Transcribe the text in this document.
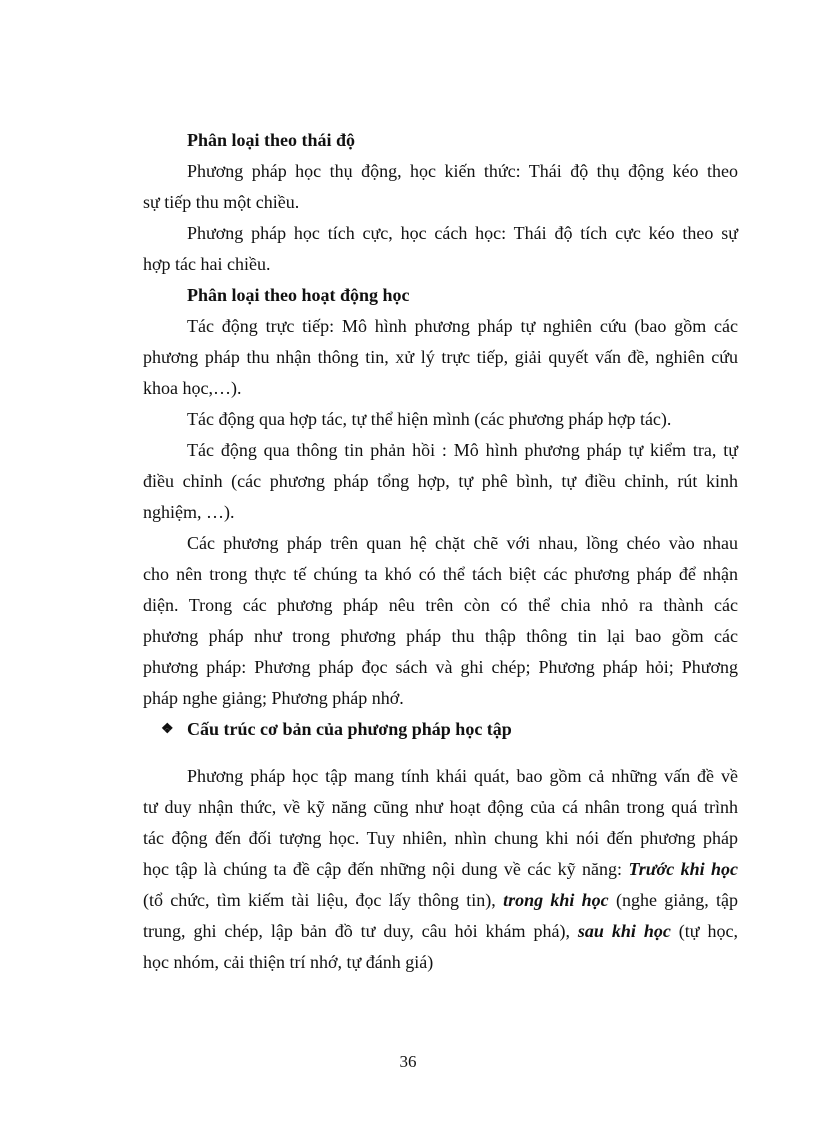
Phân loại theo thái độ

Phương pháp học thụ động, học kiến thức: Thái độ thụ động kéo theo
sự tiếp thu một chiều.

Phương pháp học tích cực, học cách học: Thái độ tích cực kéo theo sự
hợp tác hai chiều.

Phân loại theo hoạt động học

Tác động trực tiếp: Mô hình phương pháp tự nghiên cứu (bao gồm các
phương pháp thu nhận thông tin, xử lý trực tiếp, giải quyết vấn đề, nghiên cứu
khoa học,…).

Tác động qua hợp tác, tự thể hiện mình (các phương pháp hợp tác).

Tác động qua thông tin phản hồi : Mô hình phương pháp tự kiểm tra, tự
điều chỉnh (các phương pháp tổng hợp, tự phê bình, tự điều chỉnh, rút kinh
nghiệm, …).

Các phương pháp trên quan hệ chặt chẽ với nhau, lồng chéo vào nhau
cho nên trong thực tế chúng ta khó có thể tách biệt các phương pháp để nhận
diện. Trong các phương pháp nêu trên còn có thể chia nhỏ ra thành các
phương pháp như trong phương pháp thu thập thông tin lại bao gồm các
phương pháp: Phương pháp đọc sách và ghi chép; Phương pháp hỏi; Phương
pháp nghe giảng; Phương pháp nhớ.

❖ Cấu trúc cơ bản của phương pháp học tập

Phương pháp học tập mang tính khái quát, bao gồm cả những vấn đề về
tư duy nhận thức, về kỹ năng cũng như hoạt động của cá nhân trong quá trình
tác động đến đối tượng học. Tuy nhiên, nhìn chung khi nói đến phương pháp
học tập là chúng ta đề cập đến những nội dung về các kỹ năng: Trước khi học
(tổ chức, tìm kiếm tài liệu, đọc lấy thông tin), trong khi học (nghe giảng, tập
trung, ghi chép, lập bản đồ tư duy, câu hỏi khám phá), sau khi học (tự học,
học nhóm, cải thiện trí nhớ, tự đánh giá)

36
